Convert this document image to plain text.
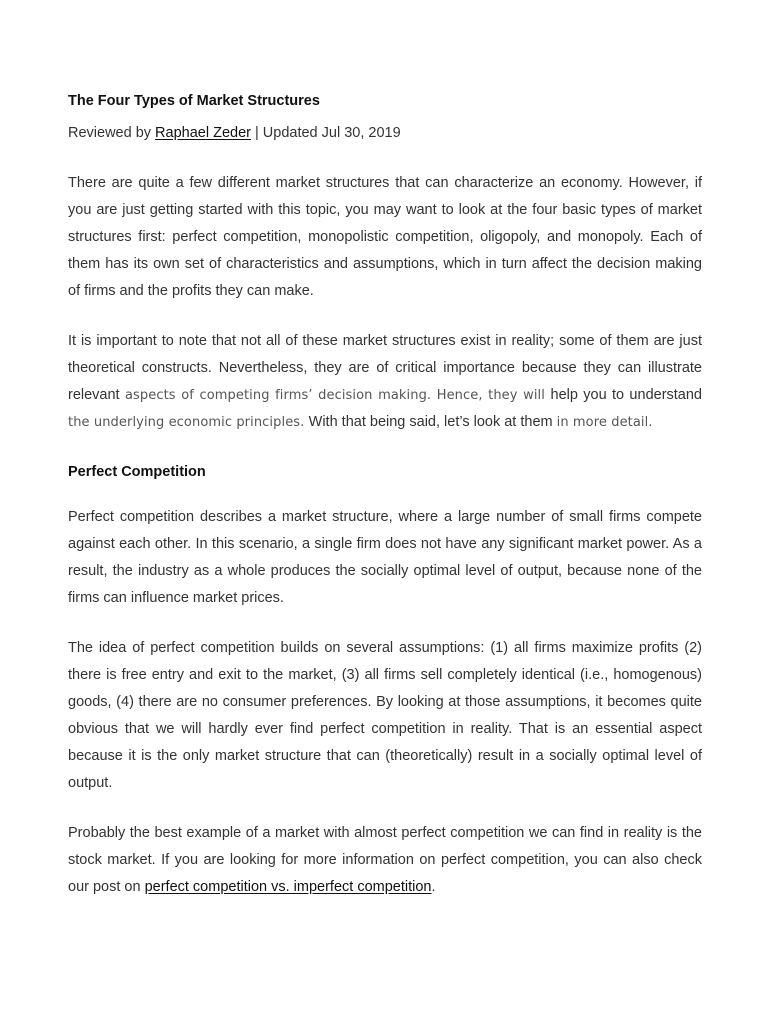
The Four Types of Market Structures
Reviewed by Raphael Zeder | Updated Jul 30, 2019

There are quite a few different market structures that can characterize an economy. However, if you are just getting started with this topic, you may want to look at the four basic types of market structures first: perfect competition, monopolistic competition, oligopoly, and monopoly. Each of them has its own set of characteristics and assumptions, which in turn affect the decision making of firms and the profits they can make.

It is important to note that not all of these market structures exist in reality; some of them are just theoretical constructs. Nevertheless, they are of critical importance because they can illustrate relevant aspects of competing firms’ decision making. Hence, they will help you to understand the underlying economic principles. With that being said, let’s look at them in more detail.

Perfect Competition

Perfect competition describes a market structure, where a large number of small firms compete against each other. In this scenario, a single firm does not have any significant market power. As a result, the industry as a whole produces the socially optimal level of output, because none of the firms can influence market prices.

The idea of perfect competition builds on several assumptions: (1) all firms maximize profits (2) there is free entry and exit to the market, (3) all firms sell completely identical (i.e., homogenous) goods, (4) there are no consumer preferences. By looking at those assumptions, it becomes quite obvious that we will hardly ever find perfect competition in reality. That is an essential aspect because it is the only market structure that can (theoretically) result in a socially optimal level of output.

Probably the best example of a market with almost perfect competition we can find in reality is the stock market. If you are looking for more information on perfect competition, you can also check our post on perfect competition vs. imperfect competition.
